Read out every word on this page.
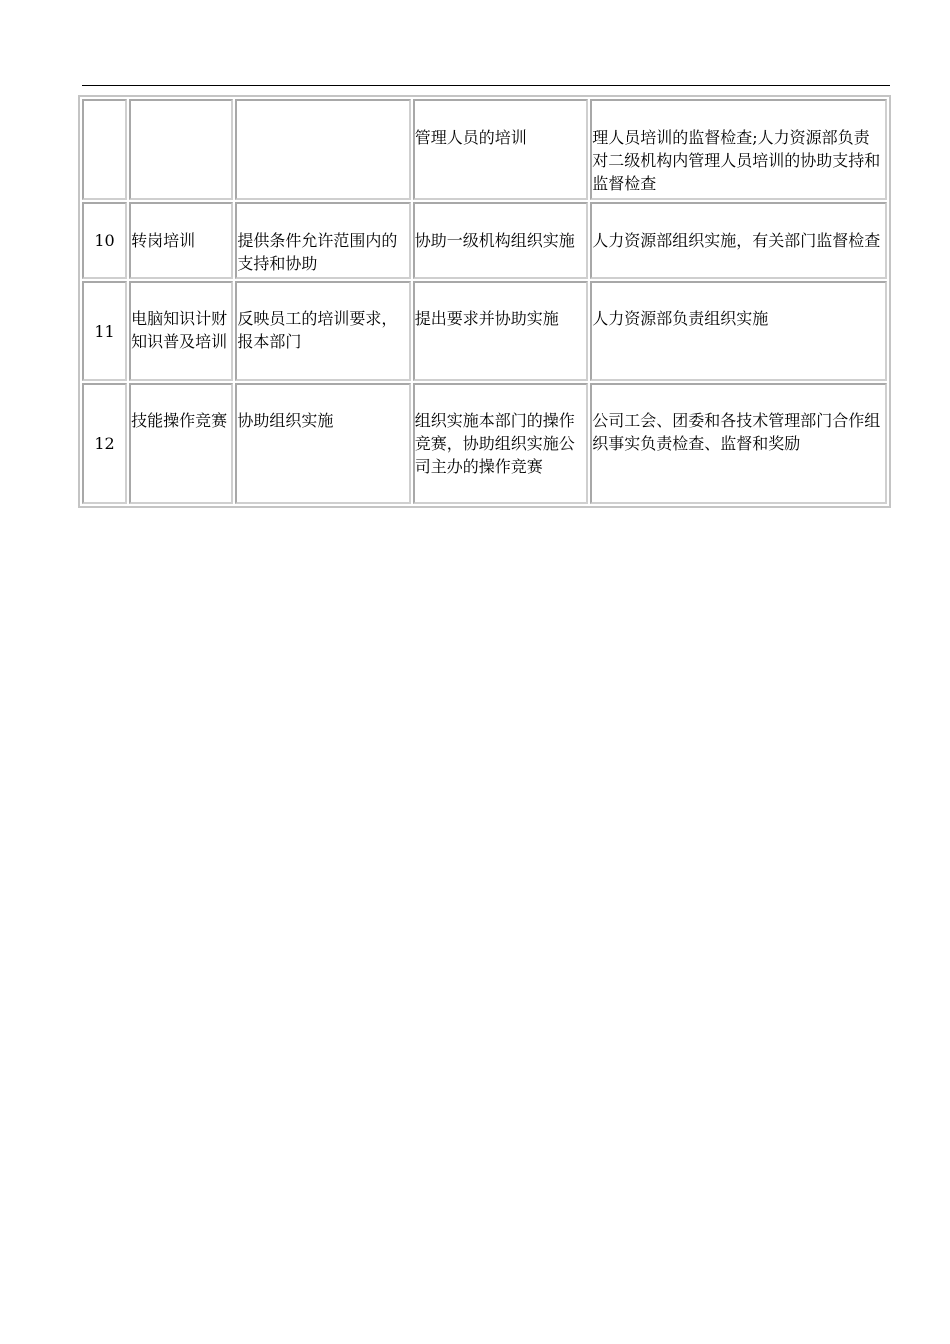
			管理人员的培训	理人员培训的监督检查;人力资源部负责对二级机构内管理人员培训的协助支持和监督检查
10	转岗培训	提供条件允许范围内的支持和协助	协助一级机构组织实施	人力资源部组织实施，有关部门监督检查
11	电脑知识计财知识普及培训	反映员工的培训要求，报本部门	提出要求并协助实施	人力资源部负责组织实施
12	技能操作竞赛	协助组织实施	组织实施本部门的操作竞赛，协助组织实施公司主办的操作竞赛	公司工会、团委和各技术管理部门合作组织事实负责检查、监督和奖励
